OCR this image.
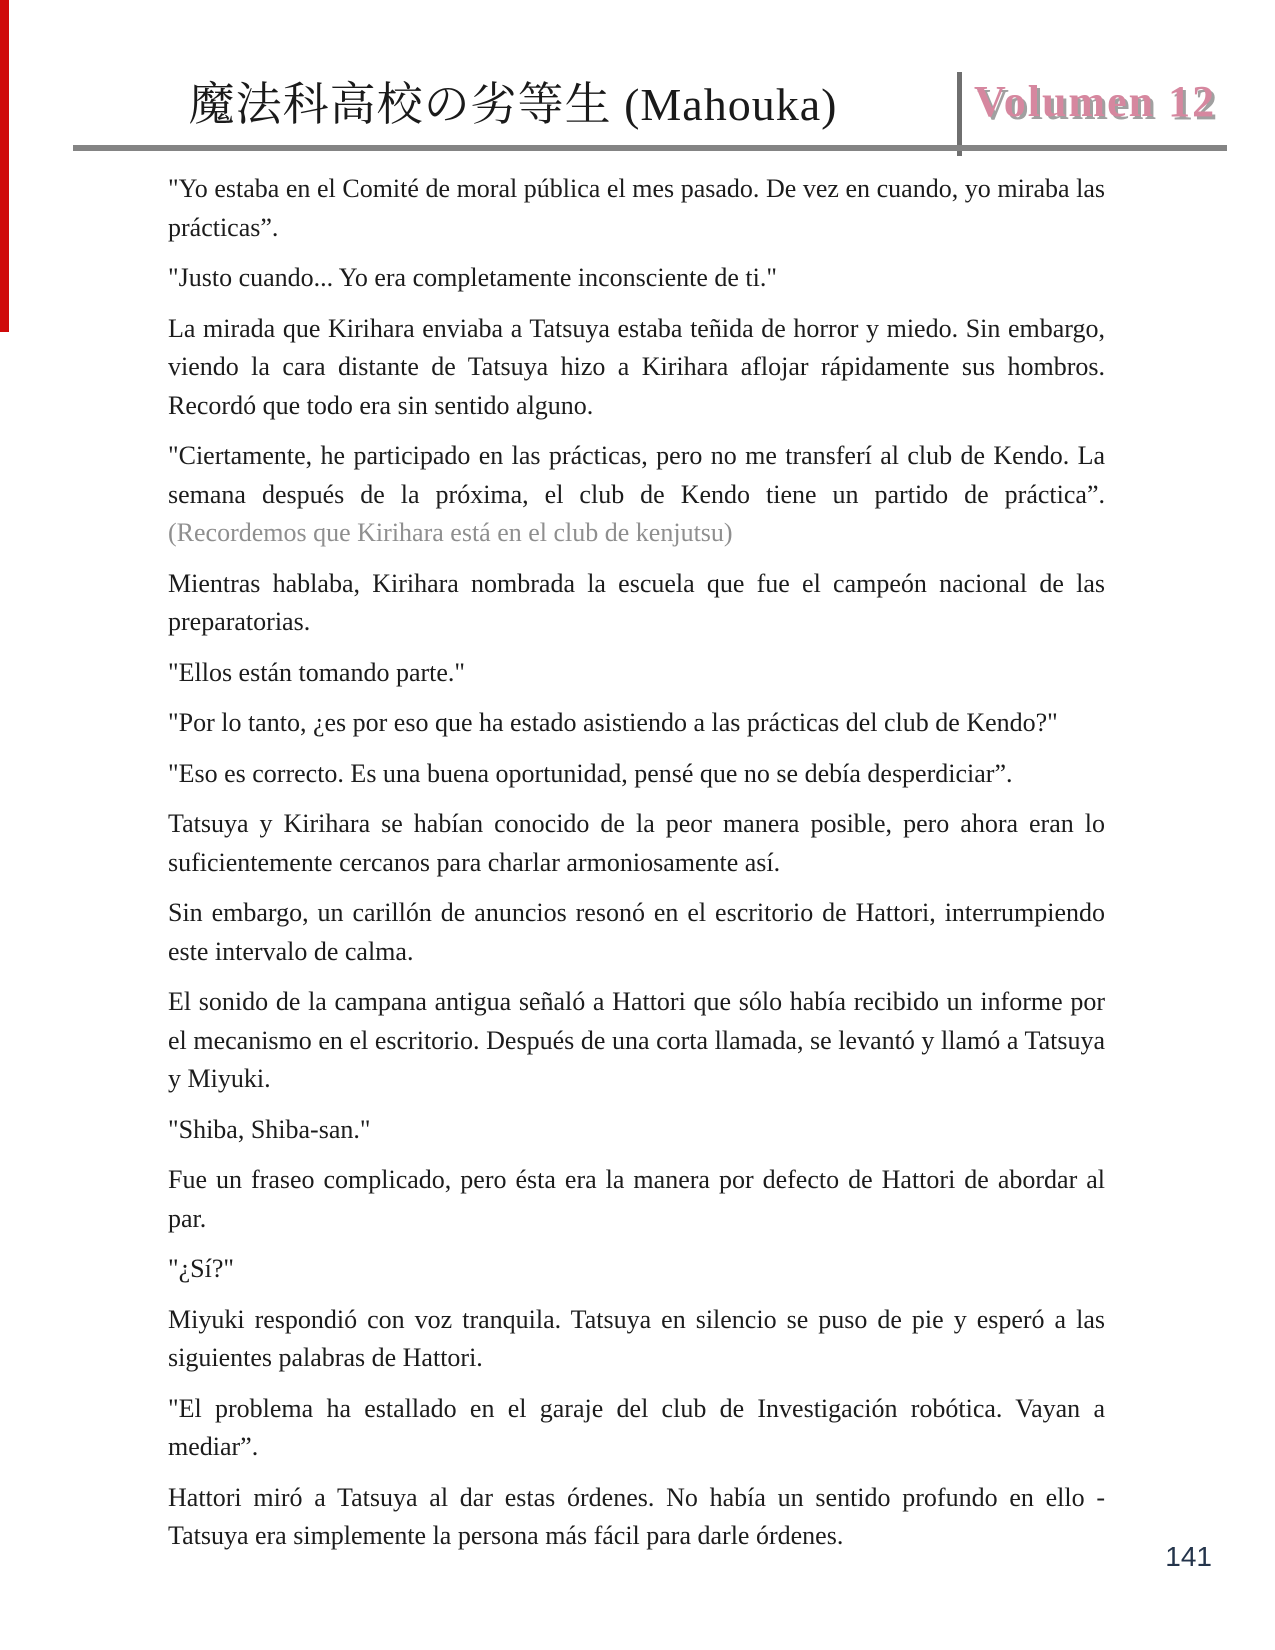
魔法科高校の劣等生 (Mahouka)	Volumen 12

"Yo estaba en el Comité de moral pública el mes pasado. De vez en cuando, yo miraba las prácticas”.

"Justo cuando... Yo era completamente inconsciente de ti."

La mirada que Kirihara enviaba a Tatsuya estaba teñida de horror y miedo. Sin embargo, viendo la cara distante de Tatsuya hizo a Kirihara aflojar rápidamente sus hombros. Recordó que todo era sin sentido alguno.

"Ciertamente, he participado en las prácticas, pero no me transferí al club de Kendo. La semana después de la próxima, el club de Kendo tiene un partido de práctica”. (Recordemos que Kirihara está en el club de kenjutsu)

Mientras hablaba, Kirihara nombrada la escuela que fue el campeón nacional de las preparatorias.

"Ellos están tomando parte."

"Por lo tanto, ¿es por eso que ha estado asistiendo a las prácticas del club de Kendo?"

"Eso es correcto. Es una buena oportunidad, pensé que no se debía desperdiciar”.

Tatsuya y Kirihara se habían conocido de la peor manera posible, pero ahora eran lo suficientemente cercanos para charlar armoniosamente así.

Sin embargo, un carillón de anuncios resonó en el escritorio de Hattori, interrumpiendo este intervalo de calma.

El sonido de la campana antigua señaló a Hattori que sólo había recibido un informe por el mecanismo en el escritorio. Después de una corta llamada, se levantó y llamó a Tatsuya y Miyuki.

"Shiba, Shiba-san."

Fue un fraseo complicado, pero ésta era la manera por defecto de Hattori de abordar al par.

"¿Sí?"

Miyuki respondió con voz tranquila. Tatsuya en silencio se puso de pie y esperó a las siguientes palabras de Hattori.

"El problema ha estallado en el garaje del club de Investigación robótica. Vayan a mediar”.

Hattori miró a Tatsuya al dar estas órdenes. No había un sentido profundo en ello - Tatsuya era simplemente la persona más fácil para darle órdenes.

141
